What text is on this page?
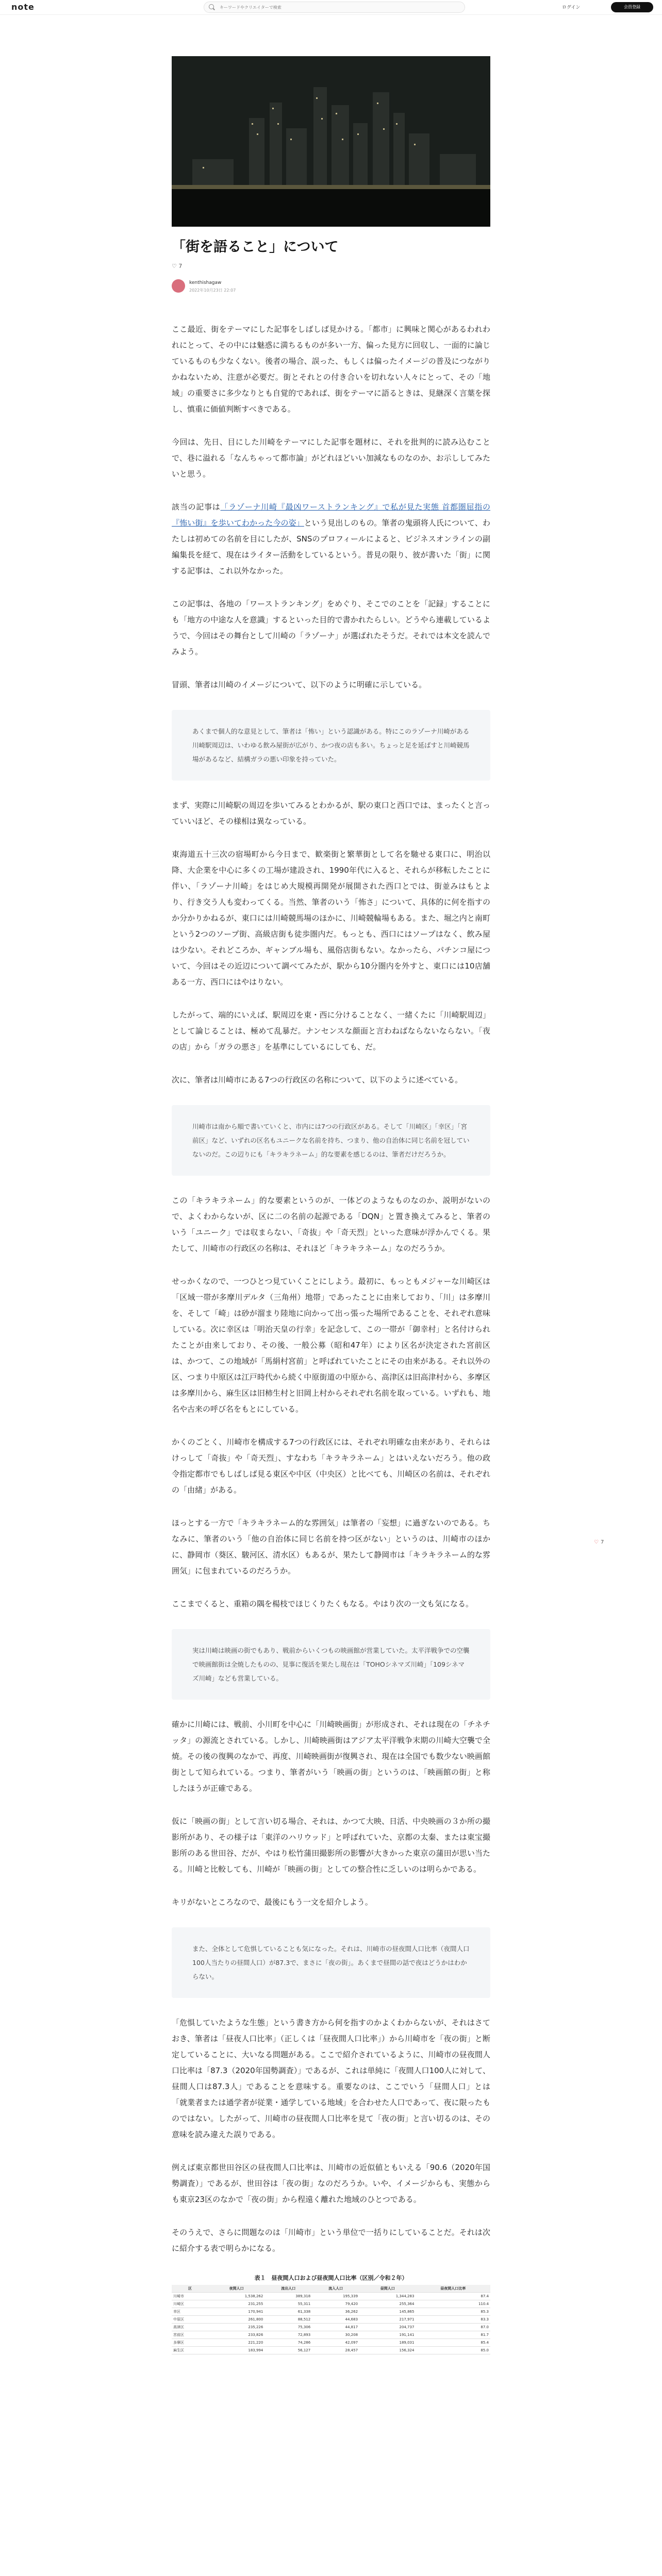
note
キーワードやクリエイターで検索	ログイン	会員登録
「街を語ること」について
♡ 7
kenthishagaw
2022年10月23日 22:07

ここ最近、街をテーマにした記事をしばしば見かける。「都市」に興味と関心があるわれわれにとって、その中には魅惑に満ちるものが多い一方、偏った見方に回収し、一面的に論じているものも少なくない。後者の場合、誤った、もしくは偏ったイメージの普及につながりかねないため、注意が必要だ。街とそれとの付き合いを切れない人々にとって、その「地域」の重要さに多少なりとも自覚的であれば、街をテーマに語るときは、見継深く言葉を探し、慎重に価値判断すべきである。

今回は、先日、目にした川崎をテーマにした記事を題材に、それを批判的に読み込むことで、巷に溢れる「なんちゃって都市論」がどれほどいい加減なものなのか、お示ししてみたいと思う。

該当の記事は「ラゾーナ川崎『最凶ワーストランキング』で私が見た実態 首都圏屈指の『怖い街』を歩いてわかった今の姿」という見出しのもの。筆者の鬼頭将人氏について、わたしは初めての名前を目にしたが、SNSのプロフィールによると、ビジネスオンラインの副編集長を経て、現在はライター活動をしているという。普見の限り、彼が書いた「街」に関する記事は、これ以外なかった。

この記事は、各地の「ワーストランキング」をめぐり、そこでのことを「記録」することにも「地方の中途な人を意識」するといった目的で書かれたらしい。どうやら連載しているようで、今回はその舞台として川崎の「ラゾーナ」が選ばれたそうだ。それでは本文を読んでみよう。

冒頭、筆者は川崎のイメージについて、以下のように明確に示している。

あくまで個人的な意見として、筆者は「怖い」という認識がある。特にこのラゾーナ川崎がある川崎駅周辺は、いわゆる飲み屋街が広がり、かつ夜の店も多い。ちょっと足を延ばすと川崎競馬場があるなど、結構ガラの悪い印象を持っていた。

まず、実際に川崎駅の周辺を歩いてみるとわかるが、駅の東口と西口では、まったくと言っていいほど、その様相は異なっている。

東海道五十三次の宿場町から今日まで、歓楽街と繁華街として名を馳せる東口に、明治以降、大企業を中心に多くの工場が建設され、1990年代に入ると、それらが移転したことに伴い、「ラゾーナ川崎」をはじめ大規模再開発が展開された西口とでは、街並みはもとより、行き交う人も変わってくる。当然、筆者のいう「怖さ」について、具体的に何を指すのか分かりかねるが、東口には川崎競馬場のほかに、川崎競輪場もある。また、堀之内と南町という2つのソープ街、高級店街も徒歩圏内だ。もっとも、西口にはソープはなく、飲み屋は少ない。それどころか、ギャンブル場も、風俗店街もない。なかったら、パチンコ屋について、今回はその近辺について調べてみたが、駅から10分圏内を外すと、東口には10店舗ある一方、西口にはやはりない。

したがって、端的にいえば、駅周辺を東・西に分けることなく、一緒くたに「川崎駅周辺」として論じることは、極めて乱暴だ。ナンセンスな顔面と言わねばならないならない。「夜の店」から「ガラの悪さ」を基準にしているにしても、だ。

次に、筆者は川崎市にある7つの行政区の名称について、以下のように述べている。

川崎市は南から順で書いていくと、市内には7つの行政区がある。そして「川崎区」「幸区」「宮前区」など、いずれの区名もユニークな名前を持ち、つまり、他の自治体に同じ名前を冠していないのだ。この辺りにも「キラキラネーム」的な要素を感じるのは、筆者だけだろうか。

この「キラキラネーム」的な要素というのが、一体どのようなものなのか、説明がないので、よくわからないが、区に二の名前の起源である「DQN」と置き換えてみると、筆者のいう「ユニーク」では収まらない、「奇抜」や「奇天烈」といった意味が浮かんでくる。果たして、川崎市の行政区の名称は、それほど「キラキラネーム」なのだろうか。

せっかくなので、一つひとつ見ていくことにしよう。最初に、もっともメジャーな川崎区は「区域一帯が多摩川デルタ（三角州）地帯」であったことに由来しており、「川」は多摩川を、そして「崎」は砂が溜まり陸地に向かって出っ張った場所であることを、それぞれ意味している。次に幸区は「明治天皇の行幸」を記念して、この一帯が「御幸村」と名付けられたことが由来しており、その後、一般公募（昭和47年）により区名が決定された宮前区は、かつて、この地域が「馬絹村宮前」と呼ばれていたことにその由来がある。それ以外の区、つまり中原区は江戸時代から続く中原街道の中原から、高津区は旧高津村から、多摩区は多摩川から、麻生区は旧柿生村と旧岡上村からそれぞれ名前を取っている。いずれも、地名や古来の呼び名をもとにしている。

かくのごとく、川崎市を構成する7つの行政区には、それぞれ明確な由来があり、それらはけっして「奇抜」や「奇天烈」、すなわち「キラキラネーム」とはいえないだろう。他の政令指定都市でもしばしば見る東区や中区（中央区）と比べても、川崎区の名前は、それぞれの「由緒」がある。

ほっとする一方で「キラキラネーム的な雰囲気」は筆者の「妄想」に過ぎないのである。ちなみに、筆者のいう「他の自治体に同じ名前を持つ区がない」というのは、川崎市のほかに、静岡市（葵区、駿河区、清水区）もあるが、果たして静岡市は「キラキラネーム的な雰囲気」に包まれているのだろうか。

ここまでくると、重箱の隅を楊枝でほじくりたくもなる。やはり次の一文も気になる。

実は川崎は映画の街でもあり、戦前からいくつもの映画館が営業していた。太平洋戦争での空襲で映画館街は全焼したものの、見事に復活を果たし現在は「TOHOシネマズ川崎」「109シネマズ川崎」なども営業している。

確かに川崎には、戦前、小川町を中心に「川崎映画街」が形成され、それは現在の「チネチッタ」の源流とされている。しかし、川崎映画街はアジア太平洋戦争末期の川崎大空襲で全焼。その後の復興のなかで、再度、川崎映画街が復興され、現在は全国でも数少ない映画館街として知られている。つまり、筆者がいう「映画の街」というのは、「映画館の街」と称したほうが正確である。

仮に「映画の街」として言い切る場合、それは、かつて大映、日活、中央映画の３か所の撮影所があり、その様子は「東洋のハリウッド」と呼ばれていた、京都の太秦、または東宝撮影所のある世田谷、だが、やはり松竹蒲田撮影所の影響が大きかった東京の蒲田が思い当たる。川崎と比較しても、川崎が「映画の街」としての整合性に乏しいのは明らかである。

キリがないところなので、最後にもう一文を紹介しよう。

また、全体として危惧していることも気になった。それは、川崎市の昼夜間人口比率（夜間人口100人当たりの昼間人口）が87.3で、まさに「夜の街」。あくまで昼間の話で夜はどうかはわからない。

「危惧していたような生態」という書き方から何を指すのかよくわからないが、それはさておき、筆者は「昼夜人口比率」（正しくは「昼夜間人口比率」）から川崎市を「夜の街」と断定していることに、大いなる問題がある。ここで紹介されているように、川崎市の昼夜間人口比率は「87.3（2020年国勢調査）」であるが、これは単純に「夜間人口100人に対して、昼間人口は87.3人」であることを意味する。重要なのは、ここでいう「昼間人口」とは「就業者または通学者が従業・通学している地域」を合わせた人口であって、夜に限ったものではない。したがって、川崎市の昼夜間人口比率を見て「夜の街」と言い切るのは、その意味を読み違えた誤りである。

例えば東京都世田谷区の昼夜間人口比率は、川崎市の近似値ともいえる「90.6（2020年国勢調査）」であるが、世田谷は「夜の街」なのだろうか。いや、イメージからも、実態からも東京23区のなかで「夜の街」から程遠く離れた地域のひとつである。

そのうえで、さらに問題なのは「川崎市」という単位で一括りにしていることだ。それは次に紹介する表で明らかになる。

表１　昼夜間人口および昼夜間人口比率（区別／令和２年）
区	夜間人口	流出人口	流入人口	昼間人口	昼夜間人口比率
川崎市	1,538,262	389,318	195,339	1,344,283	87.4
川崎区	231,255	55,311	79,420	255,364	110.4
幸区	170,941	61,338	36,262	145,865	85.3
中原区	261,800	88,512	44,683	217,971	83.3
高津区	235,226	75,306	44,817	204,737	87.0
宮前区	233,826	72,893	30,208	191,141	81.7
多摩区	221,220	74,286	42,097	189,031	85.4
麻生区	183,994	56,127	28,457	156,324	85.0
♡ 7
